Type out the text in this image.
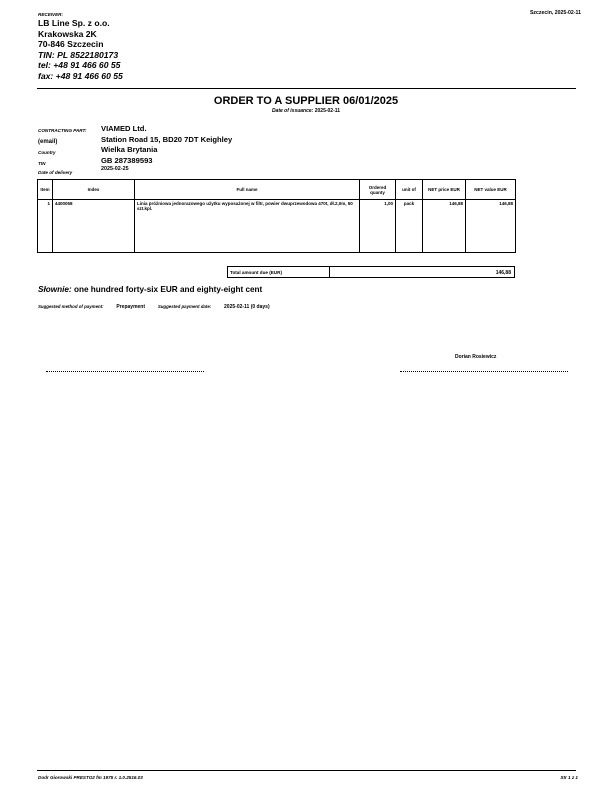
RECEIVER:
LB Line Sp. z o.o.
Krakowska 2K
70-846 Szczecin
TIN: PL 8522180173
tel: +48 91 466 60 55
fax: +48 91 466 60 55
Szczecin, 2025-02-11
ORDER TO A SUPPLIER 06/01/2025
Date of issuance: 2025-02-11
CONTRACTING PART: VIAMED Ltd.
(email)	Station Road 15, BD20 7DT Keighley
Country	Wielka Brytania
TIN	GB 287389593
Date of delivery
2025-02-25
Item	Index	Full name	Ordered quanty	unit of	NET price EUR	NET value EUR
1	4400058	Linia próżniowa jednorazowego użytku wyposażonej w filtr, powier dwuprzewodowa 470t, dł.2,0m, 50 szt.kpl.	1,00	pack	146,88	146,88
Total amount due (EUR)	146,88
Słownie: one hundred forty-six EUR and eighty-eight cent
Suggested method of payment:	Prepayment	Suggested payment date:	2025-02-11 (0 days)
Dorian Rosiewicz
Dodr Giorowski PRESTO2 fm 1975 r. 1.0.2516.03	Str 1 z 1
